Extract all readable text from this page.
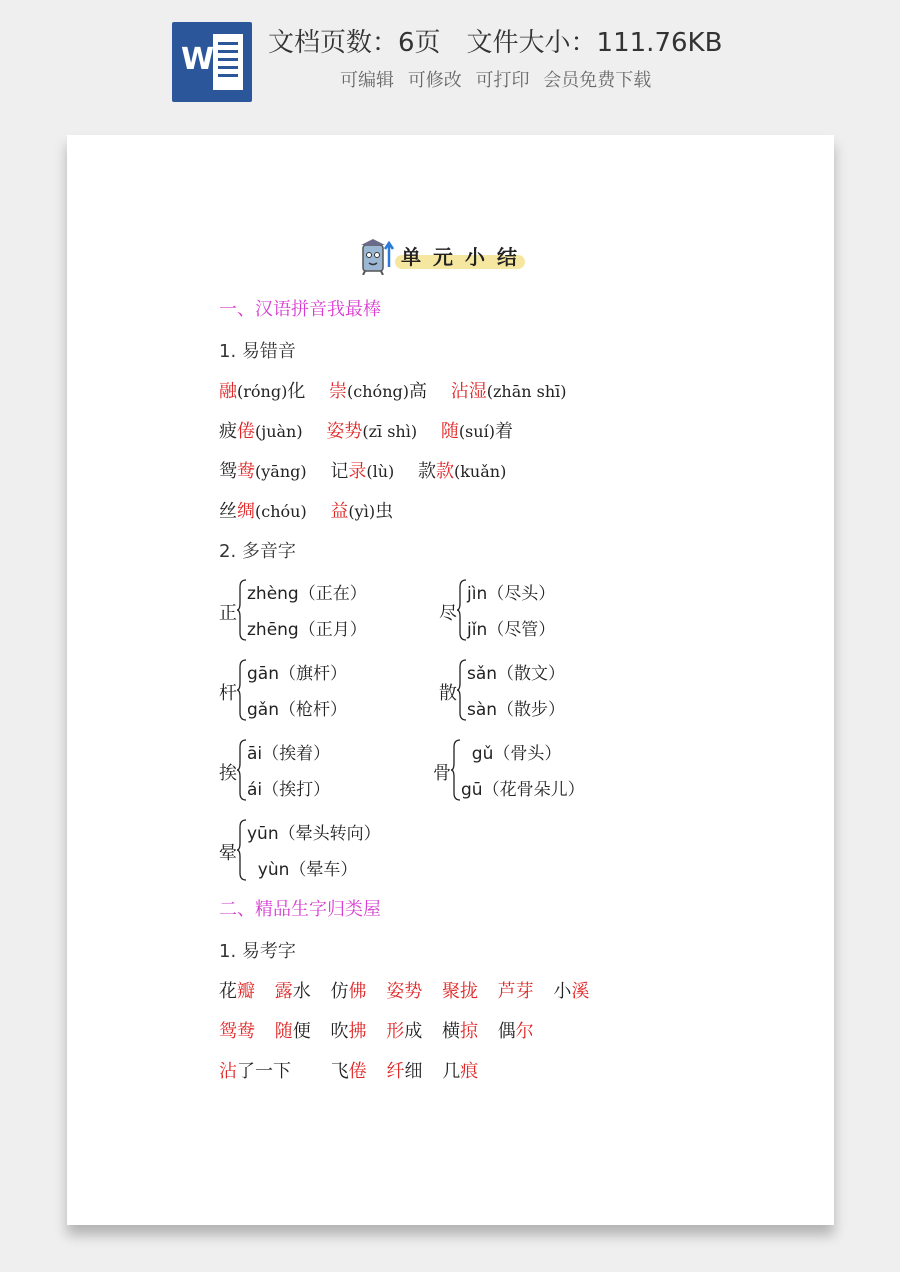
W 文档页数：6页 文件大小：111.76KB
可编辑 可修改 可打印 会员免费下载
单元小结
一、汉语拼音我最棒
1. 易错音
融(róng)化 崇(chóng)高 沾湿(zhān shī)
疲倦(juàn) 姿势(zī shì) 随(suí)着
鸳鸯(yāng) 记录(lù) 款款(kuǎn)
丝绸(chóu) 益(yì)虫
2. 多音字
正
zhèng（正在）
zhēng（正月）
尽
jìn（尽头）
jǐn（尽管）
杆
gān（旗杆）
gǎn（枪杆）
散
sǎn（散文）
sàn（散步）
挨
āi（挨着）
ái（挨打）
骨
gǔ（骨头）
gū（花骨朵儿）
晕
yūn（晕头转向）
yùn（晕车）
二、精品生字归类屋
1. 易考字
花瓣 露水 仿佛 姿势 聚拢 芦芽 小溪
鸳鸯 随便 吹拂 形成 横掠 偶尔
沾了一下 飞倦 纤细 几痕
